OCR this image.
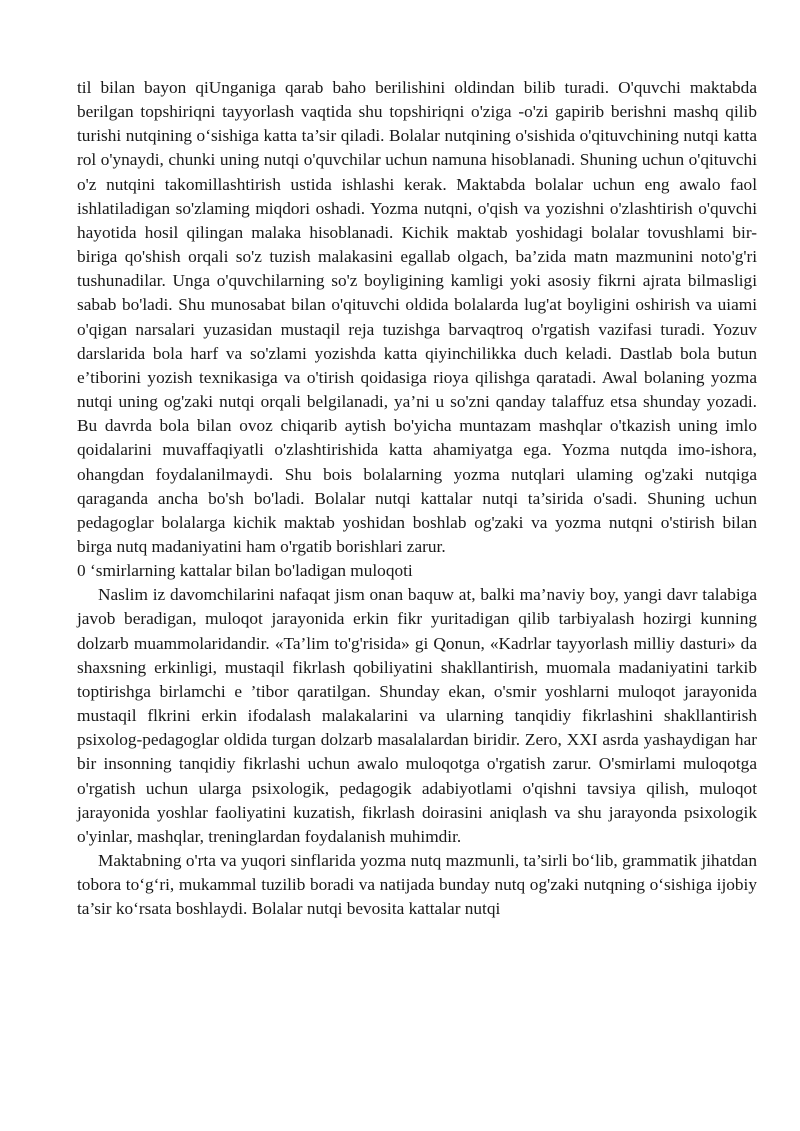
til bilan bayon qiUnganiga qarab baho berilishini oldindan bilib turadi. O'quvchi maktabda berilgan topshiriqni tayyorlash vaqtida shu topshiriqni o'ziga -o'zi gapirib berishni mashq qilib turishi nutqining o‘sishiga katta ta’sir qiladi. Bolalar nutqining o'sishida o'qituvchining nutqi katta rol o'ynaydi, chunki uning nutqi o'quvchilar uchun namuna hisoblanadi. Shuning uchun o'qituvchi o'z nutqini takomillashtirish ustida ishlashi kerak. Maktabda bolalar uchun eng awalo faol ishlatiladigan so'zlaming miqdori oshadi. Yozma nutqni, o'qish va yozishni o'zlashtirish o'quvchi hayotida hosil qilingan malaka hisoblanadi. Kichik maktab yoshidagi bolalar tovushlami bir-biriga qo'shish orqali so'z tuzish malakasini egallab olgach, ba’zida matn mazmunini noto'g'ri tushunadilar. Unga o'quvchilarning so'z boyligining kamligi yoki asosiy fikrni ajrata bilmasligi sabab bo'ladi. Shu munosabat bilan o'qituvchi oldida bolalarda lug'at boyligini oshirish va uiami o'qigan narsalari yuzasidan mustaqil reja tuzishga barvaqtroq o'rgatish vazifasi turadi. Yozuv darslarida bola harf va so'zlami yozishda katta qiyinchilikka duch keladi. Dastlab bola butun e’tiborini yozish texnikasiga va o'tirish qoidasiga rioya qilishga qaratadi. Awal bolaning yozma nutqi uning og'zaki nutqi orqali belgilanadi, ya’ni u so'zni qanday talaffuz etsa shunday yozadi. Bu davrda bola bilan ovoz chiqarib aytish bo'yicha muntazam mashqlar o'tkazish uning imlo qoidalarini muvaffaqiyatli o'zlashtirishida katta ahamiyatga ega. Yozma nutqda imo-ishora, ohangdan foydalanilmaydi. Shu bois bolalarning yozma nutqlari ulaming og'zaki nutqiga qaraganda ancha bo'sh bo'ladi. Bolalar nutqi kattalar nutqi ta’sirida o'sadi. Shuning uchun pedagoglar bolalarga kichik maktab yoshidan boshlab og'zaki va yozma nutqni o'stirish bilan birga nutq madaniyatini ham o'rgatib borishlari zarur.

0 ‘smirlarning kattalar bilan bo'ladigan muloqoti

Naslim iz davomchilarini nafaqat jism onan baquw at, balki ma’naviy boy, yangi davr talabiga javob beradigan, muloqot jarayonida erkin fikr yuritadigan qilib tarbiyalash hozirgi kunning dolzarb muammolaridandir. «Ta’lim to'g'risida» gi Qonun, «Kadrlar tayyorlash milliy dasturi» da shaxsning erkinligi, mustaqil fikrlash qobiliyatini shakllantirish, muomala madaniyatini tarkib toptirishga birlamchi e ’tibor qaratilgan. Shunday ekan, o'smir yoshlarni muloqot jarayonida mustaqil flkrini erkin ifodalash malakalarini va ularning tanqidiy fikrlashini shakllantirish psixolog-pedagoglar oldida turgan dolzarb masalalardan biridir. Zero, XXI asrda yashaydigan har bir insonning tanqidiy fikrlashi uchun awalo muloqotga o'rgatish zarur. O'smirlami muloqotga o'rgatish uchun ularga psixologik, pedagogik adabiyotlami o'qishni tavsiya qilish, muloqot jarayonida yoshlar faoliyatini kuzatish, fikrlash doirasini aniqlash va shu jarayonda psixologik o'yinlar, mashqlar, treninglardan foydalanish muhimdir.

Maktabning o'rta va yuqori sinflarida yozma nutq mazmunli, ta’sirli bo‘lib, grammatik jihatdan tobora to‘g‘ri, mukammal tuzilib boradi va natijada bunday nutq og'zaki nutqning o‘sishiga ijobiy ta’sir ko‘rsata boshlaydi. Bolalar nutqi bevosita kattalar nutqi
